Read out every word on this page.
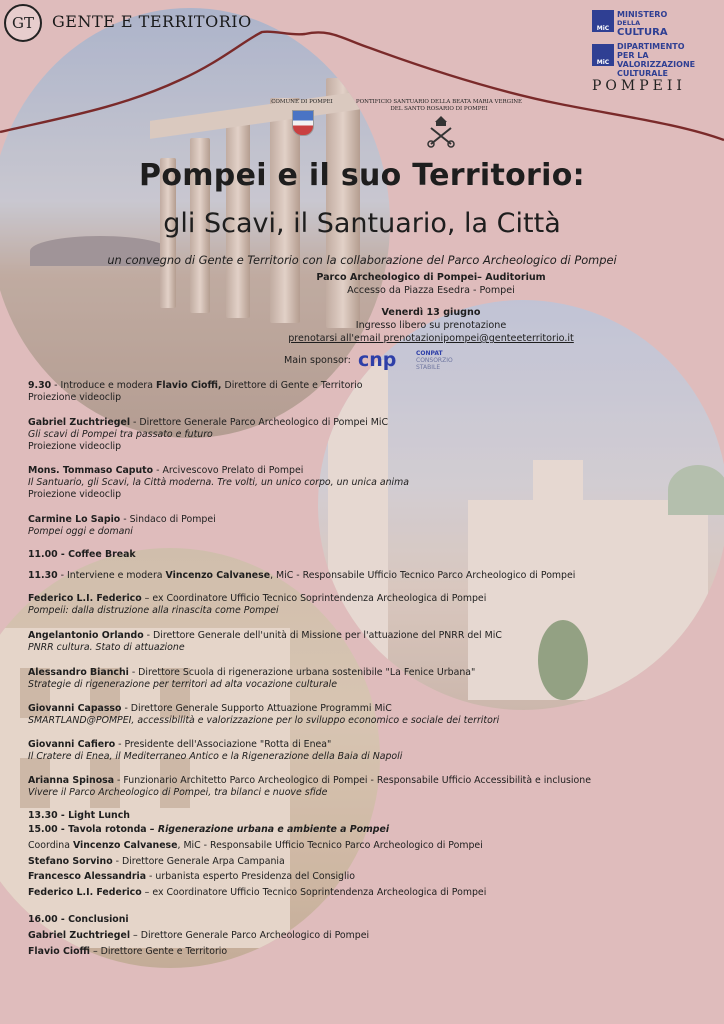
GT GENTE E TERRITORIO	MiC
MINISTERO
DELLA
CULTURA
MiC
DIPARTIMENTO
PER LA VALORIZZAZIONE
CULTURALE
POMPEII
COMUNE DI POMPEI	PONTIFICIO SANTUARIO DELLA BEATA MARIA VERGINE
DEL SANTO ROSARIO DI POMPEI
Pompei e il suo Territorio:
gli Scavi, il Santuario, la Città
un convegno di Gente e Territorio con la collaborazione del Parco Archeologico di Pompei
Parco Archeologico di Pompei– Auditorium
Accesso da Piazza Esedra - Pompei
Venerdì 13 giugno
Ingresso libero su prenotazione
prenotarsi all'email prenotazionipompei@genteeterritorio.it
Main sponsor: cnp	CONPAT
CONSORZIO
STABILE
9.30 - Introduce e modera Flavio Cioffi, Direttore di Gente e Territorio
Proiezione videoclip
Gabriel Zuchtriegel - Direttore Generale Parco Archeologico di Pompei MiC
Gli scavi di Pompei tra passato e futuro
Proiezione videoclip
Mons. Tommaso Caputo - Arcivescovo Prelato di Pompei
Il Santuario, gli Scavi, la Città moderna. Tre volti, un unico corpo, un unica anima
Proiezione videoclip
Carmine Lo Sapio - Sindaco di Pompei
Pompei oggi e domani
11.00 - Coffee Break
11.30 - Interviene e modera Vincenzo Calvanese, MiC - Responsabile Ufficio Tecnico Parco Archeologico di Pompei
Federico L.I. Federico – ex Coordinatore Ufficio Tecnico Soprintendenza Archeologica di Pompei
Pompeii: dalla distruzione alla rinascita come Pompei
Angelantonio Orlando - Direttore Generale dell'unità di Missione per l'attuazione del PNRR del MiC
PNRR cultura. Stato di attuazione
Alessandro Bianchi - Direttore Scuola di rigenerazione urbana sostenibile "La Fenice Urbana"
Strategie di rigenerazione per territori ad alta vocazione culturale
Giovanni Capasso - Direttore Generale Supporto Attuazione Programmi MiC
SMARTLAND@POMPEI, accessibilità e valorizzazione per lo sviluppo economico e sociale dei territori
Giovanni Cafiero - Presidente dell'Associazione "Rotta di Enea"
Il Cratere di Enea, il Mediterraneo Antico e la Rigenerazione della Baia di Napoli
Arianna Spinosa - Funzionario Architetto Parco Archeologico di Pompei - Responsabile Ufficio Accessibilità e inclusione
Vivere il Parco Archeologico di Pompei, tra bilanci e nuove sfide
13.30 - Light Lunch
15.00 - Tavola rotonda – Rigenerazione urbana e ambiente a Pompei
Coordina Vincenzo Calvanese, MiC - Responsabile Ufficio Tecnico Parco Archeologico di Pompei
Stefano Sorvino - Direttore Generale Arpa Campania
Francesco Alessandria - urbanista esperto Presidenza del Consiglio
Federico L.I. Federico – ex Coordinatore Ufficio Tecnico Soprintendenza Archeologica di Pompei
16.00 - Conclusioni
Gabriel Zuchtriegel – Direttore Generale Parco Archeologico di Pompei
Flavio Cioffi – Direttore Gente e Territorio
